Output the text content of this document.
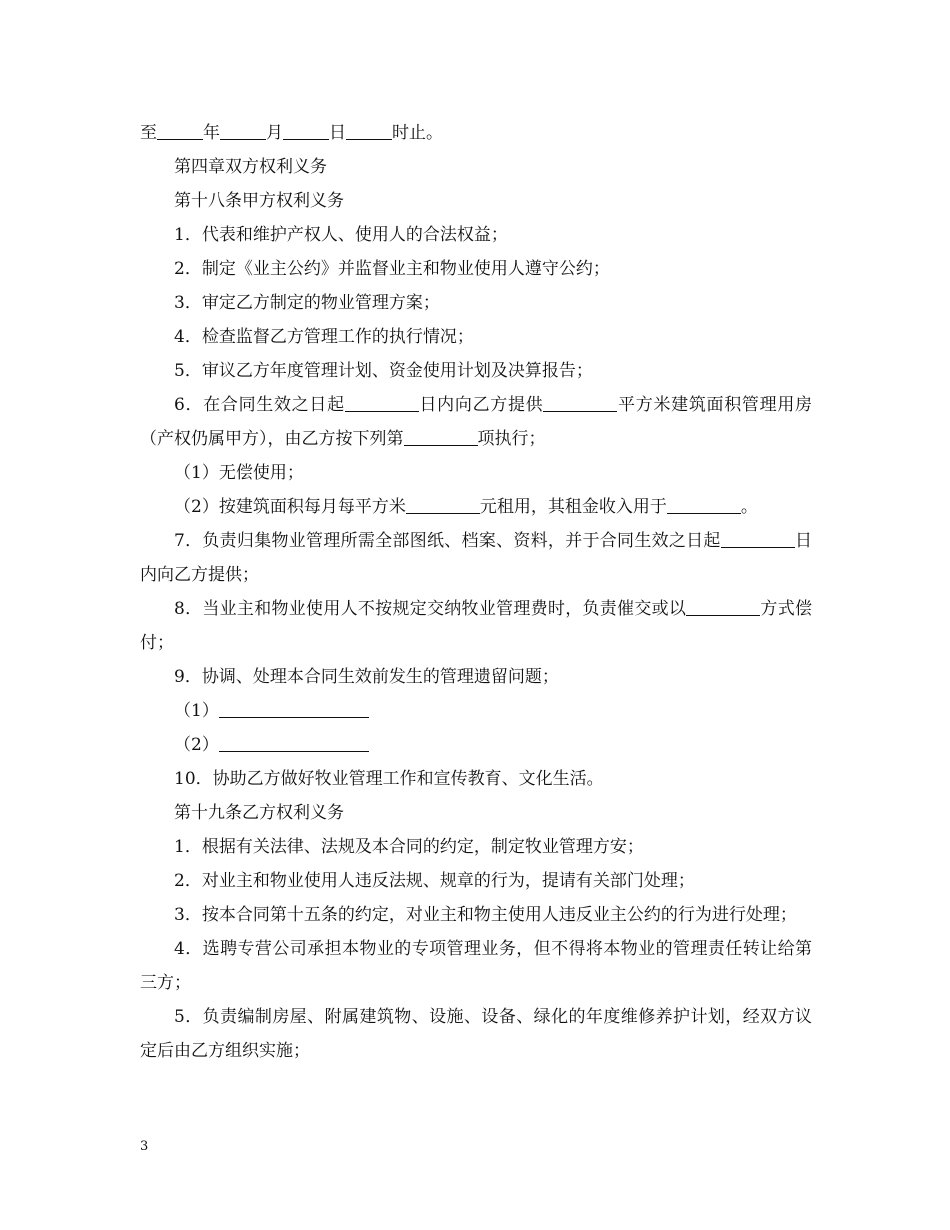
至	年	月	日	时止。

第四章双方权利义务

第十八条甲方权利义务

1．代表和维护产权人、使用人的合法权益；

2．制定《业主公约》并监督业主和物业使用人遵守公约；

3．审定乙方制定的物业管理方案；

4．检查监督乙方管理工作的执行情况；

5．审议乙方年度管理计划、资金使用计划及决算报告；

6．在合同生效之日起	日内向乙方提供	平方米建筑面积管理用房（产权仍属甲方），由乙方按下列第	项执行；

（1）无偿使用；

（2）按建筑面积每月每平方米	元租用，其租金收入用于	。

7．负责归集物业管理所需全部图纸、档案、资料，并于合同生效之日起	日内向乙方提供；

8．当业主和物业使用人不按规定交纳牧业管理费时，负责催交或以	方式偿付；

9．协调、处理本合同生效前发生的管理遗留问题；

（1）

（2）

10．协助乙方做好牧业管理工作和宣传教育、文化生活。

第十九条乙方权利义务

1．根据有关法律、法规及本合同的约定，制定牧业管理方安；

2．对业主和物业使用人违反法规、规章的行为，提请有关部门处理；

3．按本合同第十五条的约定，对业主和物主使用人违反业主公约的行为进行处理；

4．选聘专营公司承担本物业的专项管理业务，但不得将本物业的管理责任转让给第三方；

5．负责编制房屋、附属建筑物、设施、设备、绿化的年度维修养护计划，经双方议定后由乙方组织实施；

3
